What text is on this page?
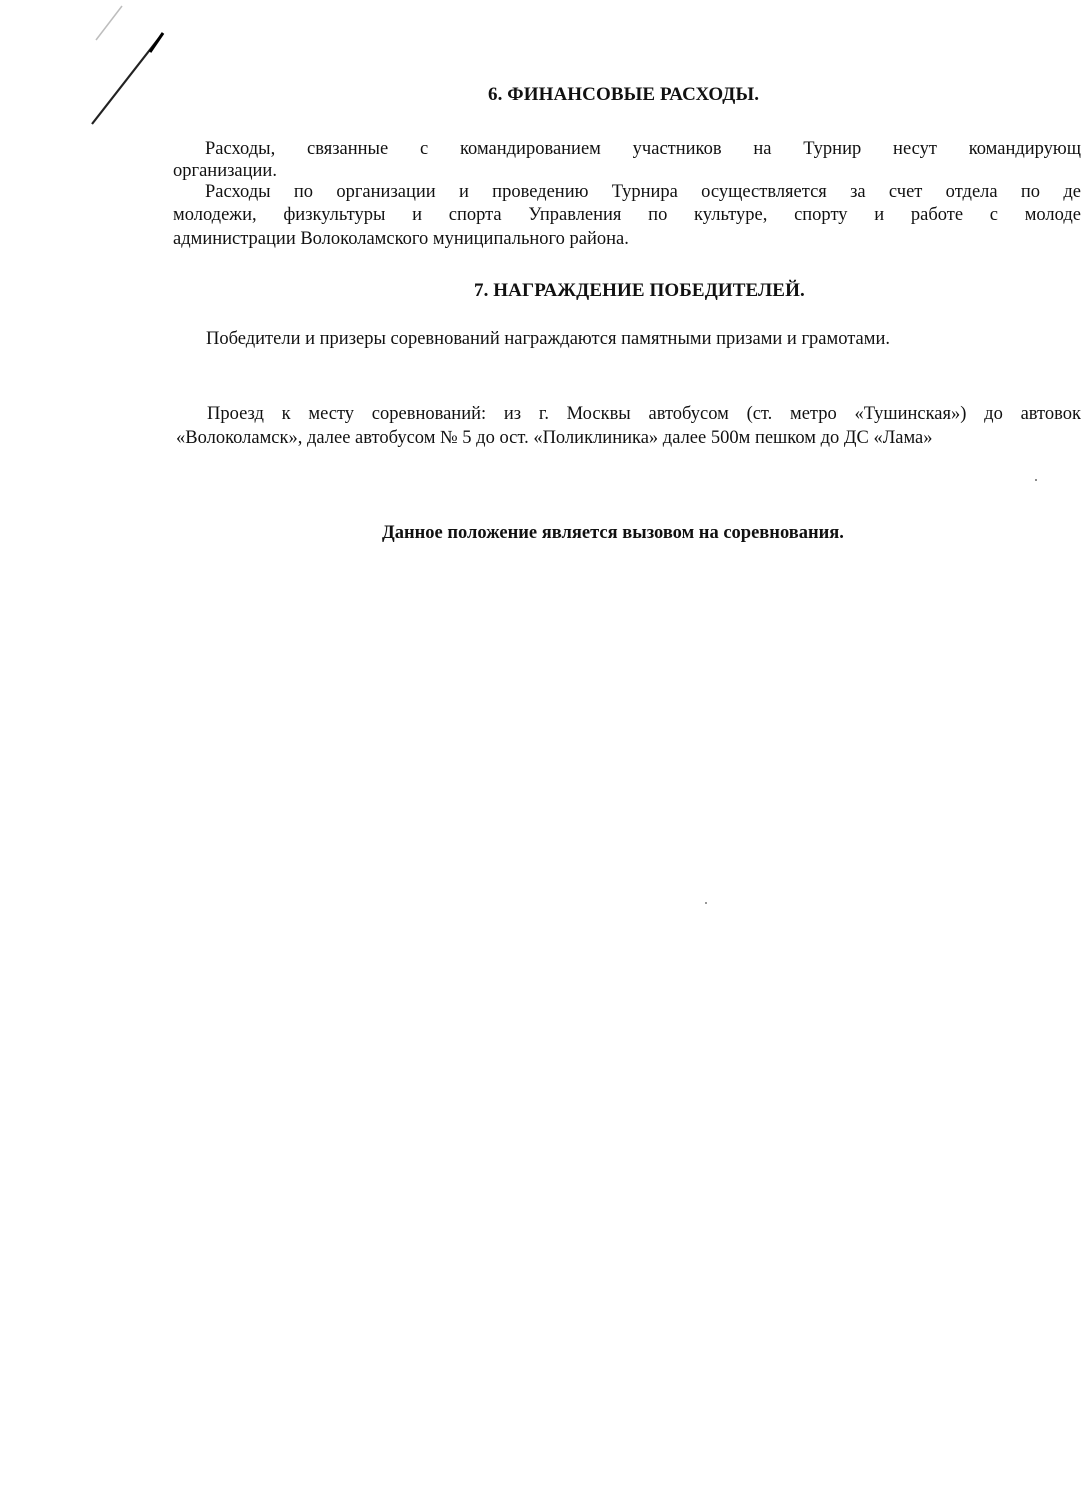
6. ФИНАНСОВЫЕ РАСХОДЫ.
Расходы, связанные с командированием участников на Турнир несут командирующ
организации.
Расходы по организации и проведению Турнира осуществляется за счет отдела по де
молодежи, физкультуры и спорта Управления по культуре, спорту и работе с молоде
администрации Волоколамского муниципального района.
7. НАГРАЖДЕНИЕ ПОБЕДИТЕЛЕЙ.
Победители и призеры соревнований награждаются памятными призами и грамотами.
Проезд к месту соревнований: из г. Москвы автобусом (ст. метро «Тушинская») до автовок
«Волоколамск», далее автобусом № 5 до ост. «Поликлиника» далее 500м пешком до ДС «Лама»
Данное положение является вызовом на соревнования.
